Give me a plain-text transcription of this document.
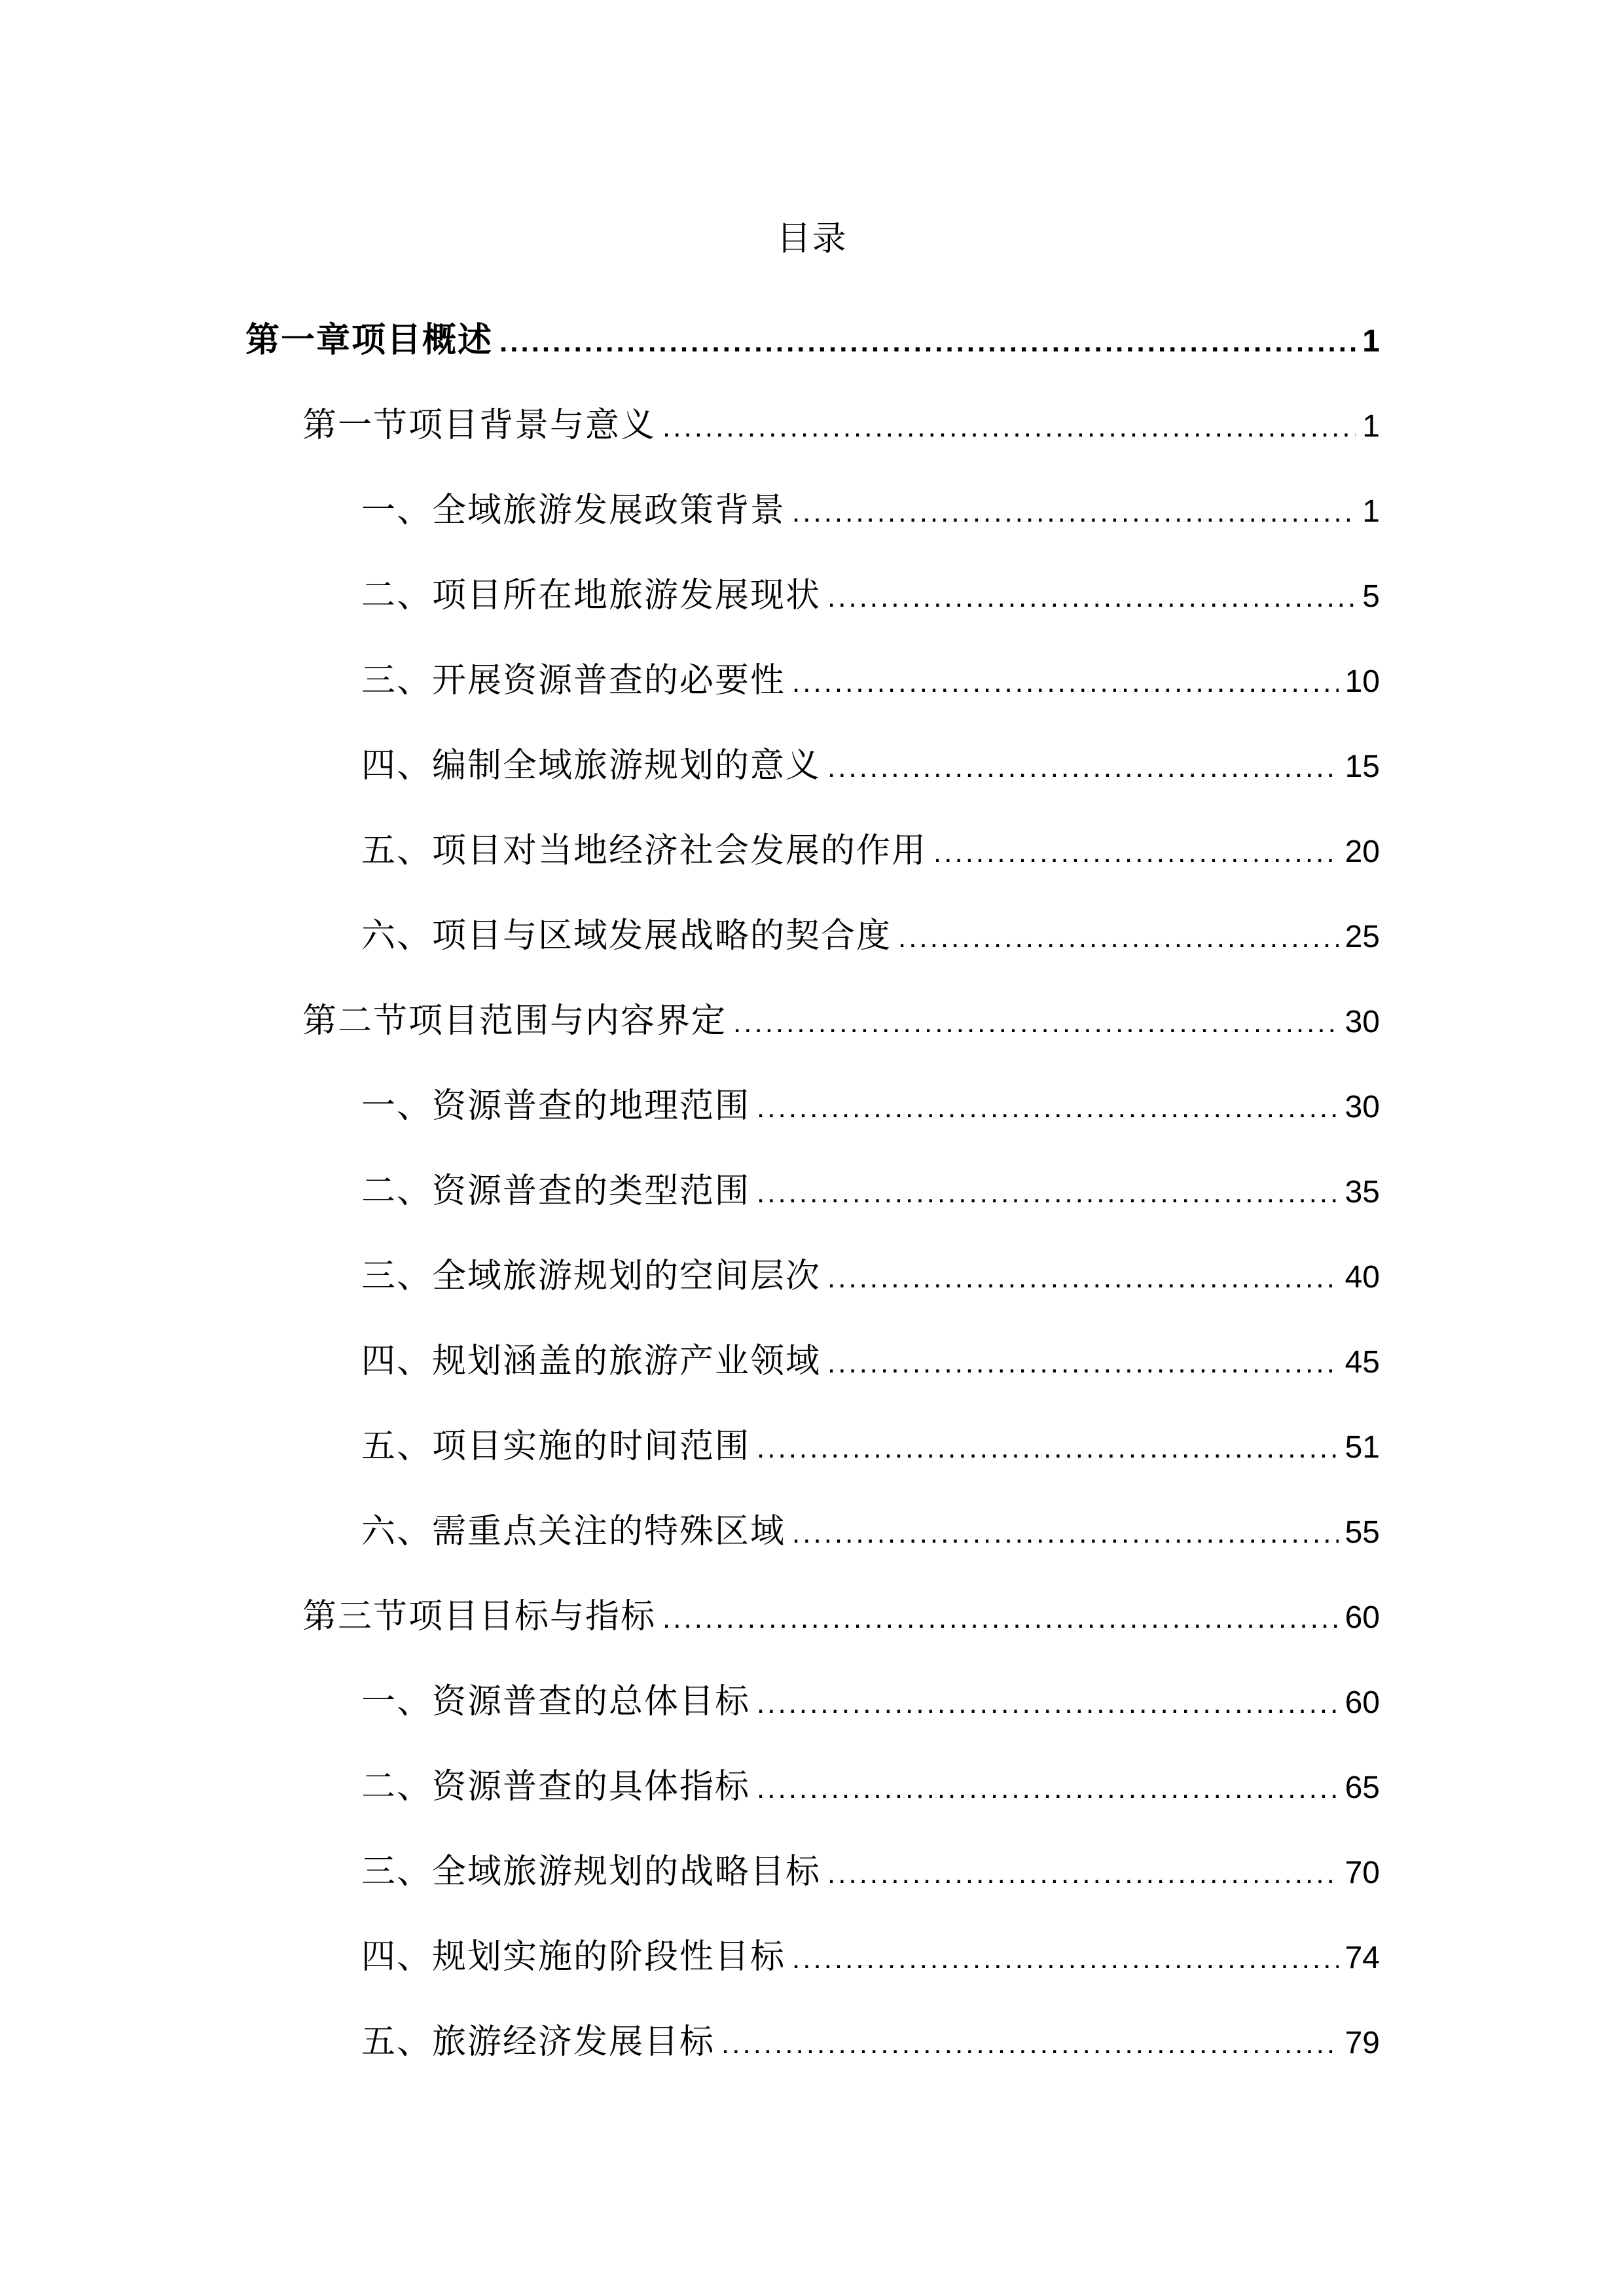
目录
第一章项目概述 .....	1
第一节项目背景与意义 .....	1
一、全域旅游发展政策背景 .....	1
二、项目所在地旅游发展现状 .....	5
三、开展资源普查的必要性 .....	10
四、编制全域旅游规划的意义 .....	15
五、项目对当地经济社会发展的作用 .....	20
六、项目与区域发展战略的契合度 .....	25
第二节项目范围与内容界定 .....	30
一、资源普查的地理范围 .....	30
二、资源普查的类型范围 .....	35
三、全域旅游规划的空间层次 .....	40
四、规划涵盖的旅游产业领域 .....	45
五、项目实施的时间范围 .....	51
六、需重点关注的特殊区域 .....	55
第三节项目目标与指标 .....	60
一、资源普查的总体目标 .....	60
二、资源普查的具体指标 .....	65
三、全域旅游规划的战略目标 .....	70
四、规划实施的阶段性目标 .....	74
五、旅游经济发展目标 .....	79
